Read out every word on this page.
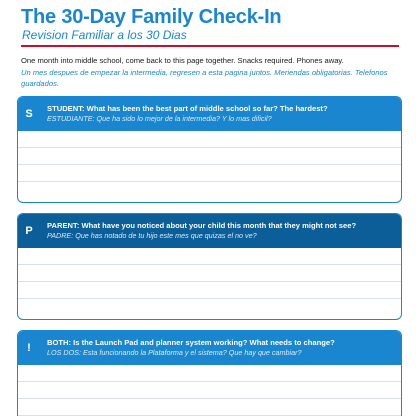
The 30-Day Family Check-In
Revision Familiar a los 30 Dias

One month into middle school, come back to this page together. Snacks required. Phones away.

Un mes despues de empezar la intermedia, regresen a esta pagina juntos. Meriendas obligatorias. Telefonos guardados.

S	STUDENT: What has been the best part of middle school so far? The hardest?
ESTUDIANTE: Que ha sido lo mejor de la intermedia? Y lo mas dificil?
P	PARENT: What have you noticed about your child this month that they might not see?
PADRE: Que has notado de tu hijo este mes que quizas el no ve?
!	BOTH: Is the Launch Pad and planner system working? What needs to change?
LOS DOS: Esta funcionando la Plataforma y el sistema? Que hay que cambiar?
